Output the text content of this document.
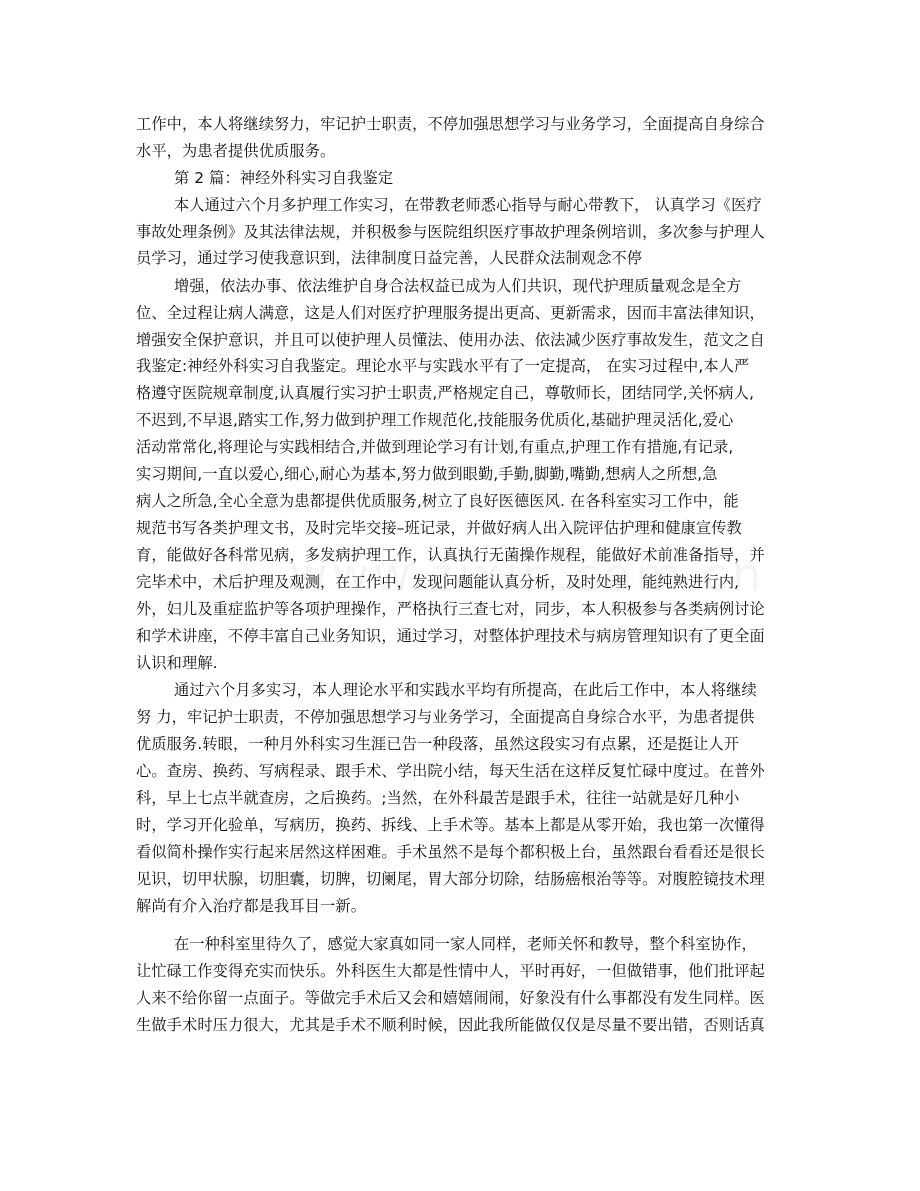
工作中，本人将继续努力，牢记护士职责，不停加强思想学习与业务学习，全面提高自身综合
水平，为患者提供优质服务。
第 2 篇：神经外科实习自我鉴定
本人通过六个月多护理工作实习，在带教老师悉心指导与耐心带教下， 认真学习《医疗
事故处理条例》及其法律法规，并积极参与医院组织医疗事故护理条例培训，多次参与护理人
员学习，通过学习使我意识到，法律制度日益完善，人民群众法制观念不停
增强，依法办事、依法维护自身合法权益已成为人们共识，现代护理质量观念是全方
位、全过程让病人满意，这是人们对医疗护理服务提出更高、更新需求，因而丰富法律知识，
增强安全保护意识，并且可以使护理人员懂法、使用办法、依法减少医疗事故发生，范文之自
我鉴定:神经外科实习自我鉴定。理论水平与实践水平有了一定提高， 在实习过程中,本人严
格遵守医院规章制度,认真履行实习护士职责,严格规定自己，尊敬师长，团结同学,关怀病人,
不迟到,不早退,踏实工作,努力做到护理工作规范化,技能服务优质化,基础护理灵活化,爱心
活动常常化,将理论与实践相结合,并做到理论学习有计划,有重点,护理工作有措施,有记录,
实习期间,一直以爱心,细心,耐心为基本,努力做到眼勤,手勤,脚勤,嘴勤,想病人之所想,急
病人之所急,全心全意为患都提供优质服务,树立了良好医德医风. 在各科室实习工作中，能
规范书写各类护理文书，及时完毕交接–班记录，并做好病人出入院评估护理和健康宣传教
育，能做好各科常见病，多发病护理工作，认真执行无菌操作规程，能做好术前准备指导，并
完毕术中，术后护理及观测，在工作中，发现问题能认真分析，及时处理，能纯熟进行内,
外，妇儿及重症监护等各项护理操作，严格执行三查七对，同步，本人积极参与各类病例讨论
和学术讲座，不停丰富自己业务知识，通过学习，对整体护理技术与病房管理知识有了更全面
认识和理解.
通过六个月多实习，本人理论水平和实践水平均有所提高，在此后工作中，本人将继续
努 力，牢记护士职责，不停加强思想学习与业务学习，全面提高自身综合水平，为患者提供
优质服务.转眼，一种月外科实习生涯已告一种段落，虽然这段实习有点累，还是挺让人开
心。查房、换药、写病程录、跟手术、学出院小结，每天生活在这样反复忙碌中度过。在普外
科，早上七点半就查房，之后换药。;当然，在外科最苦是跟手术，往往一站就是好几种小
时，学习开化验单，写病历，换药、拆线、上手术等。基本上都是从零开始，我也第一次懂得
看似简朴操作实行起来居然这样困难。手术虽然不是每个都积极上台，虽然跟台看看还是很长
见识，切甲状腺，切胆囊，切脾，切阑尾，胃大部分切除，结肠癌根治等等。对腹腔镜技术理
解尚有介入治疗都是我耳目一新。
在一种科室里待久了，感觉大家真如同一家人同样，老师关怀和教导，整个科室协作，
让忙碌工作变得充实而快乐。外科医生大都是性情中人，平时再好，一但做错事，他们批评起
人来不给你留一点面子。等做完手术后又会和嬉嬉闹闹，好象没有什么事都没有发生同样。医
生做手术时压力很大，尤其是手术不顺利时候，因此我所能做仅仅是尽量不要出错，否则话真
